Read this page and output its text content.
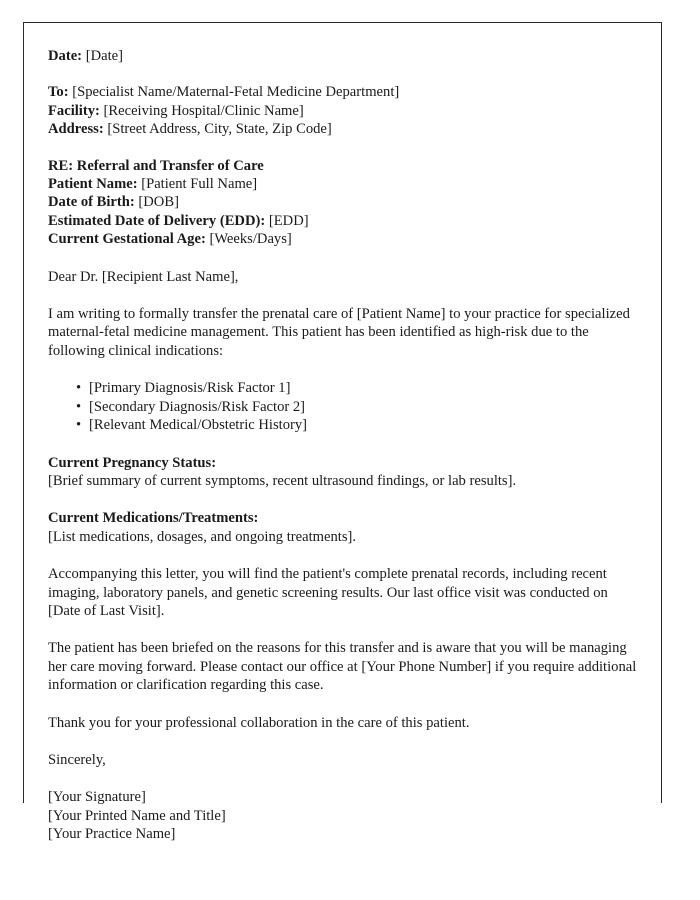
Date: [Date]
To: [Specialist Name/Maternal-Fetal Medicine Department]
Facility: [Receiving Hospital/Clinic Name]
Address: [Street Address, City, State, Zip Code]
RE: Referral and Transfer of Care
Patient Name: [Patient Full Name]
Date of Birth: [DOB]
Estimated Date of Delivery (EDD): [EDD]
Current Gestational Age: [Weeks/Days]
Dear Dr. [Recipient Last Name],
I am writing to formally transfer the prenatal care of [Patient Name] to your practice for specialized maternal-fetal medicine management. This patient has been identified as high-risk due to the following clinical indications:
• [Primary Diagnosis/Risk Factor 1]
• [Secondary Diagnosis/Risk Factor 2]
• [Relevant Medical/Obstetric History]
Current Pregnancy Status:
[Brief summary of current symptoms, recent ultrasound findings, or lab results].
Current Medications/Treatments:
[List medications, dosages, and ongoing treatments].
Accompanying this letter, you will find the patient's complete prenatal records, including recent imaging, laboratory panels, and genetic screening results. Our last office visit was conducted on [Date of Last Visit].
The patient has been briefed on the reasons for this transfer and is aware that you will be managing her care moving forward. Please contact our office at [Your Phone Number] if you require additional information or clarification regarding this case.
Thank you for your professional collaboration in the care of this patient.
Sincerely,
[Your Signature]
[Your Printed Name and Title]
[Your Practice Name]
